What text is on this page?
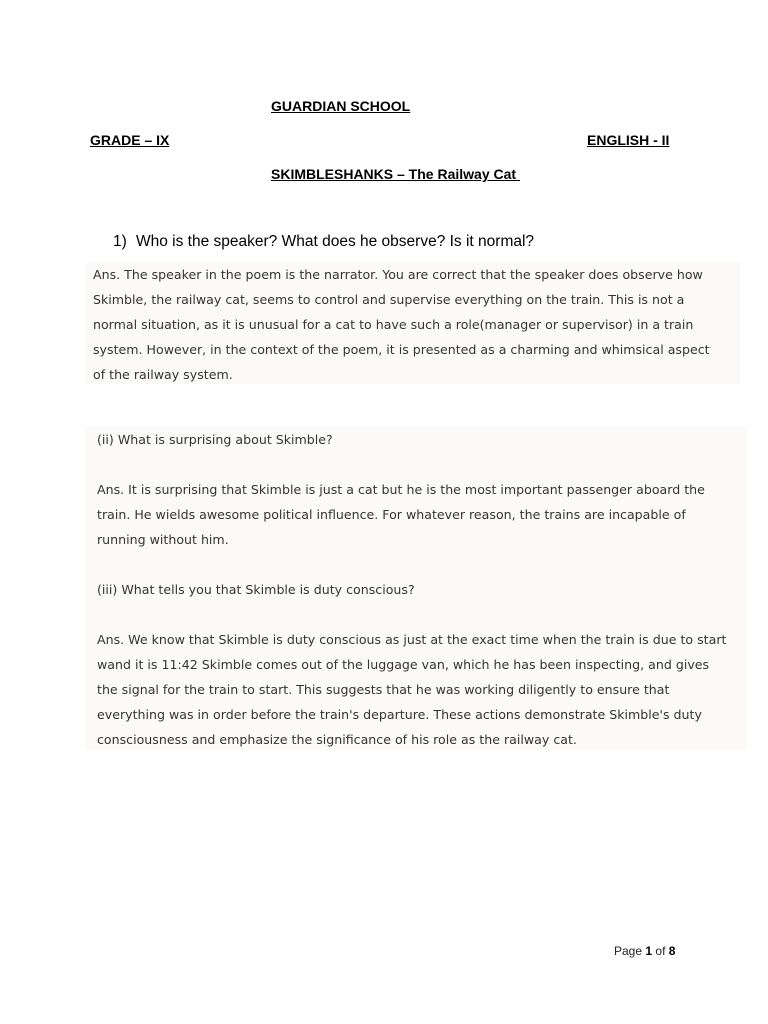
GUARDIAN SCHOOL
GRADE – IX	ENGLISH - II
SKIMBLESHANKS – The Railway Cat
1) Who is the speaker? What does he observe? Is it normal?

Ans. The speaker in the poem is the narrator. You are correct that the speaker does observe how

Skimble, the railway cat, seems to control and supervise everything on the train. This is not a

normal situation, as it is unusual for a cat to have such a role(manager or supervisor) in a train

system. However, in the context of the poem, it is presented as a charming and whimsical aspect

of the railway system.

(ii) What is surprising about Skimble?

Ans. It is surprising that Skimble is just a cat but he is the most important passenger aboard the

train. He wields awesome political influence. For whatever reason, the trains are incapable of

running without him.

(iii) What tells you that Skimble is duty conscious?

Ans. We know that Skimble is duty conscious as just at the exact time when the train is due to start

wand it is 11:42 Skimble comes out of the luggage van, which he has been inspecting, and gives

the signal for the train to start. This suggests that he was working diligently to ensure that

everything was in order before the train's departure. These actions demonstrate Skimble's duty

consciousness and emphasize the significance of his role as the railway cat.

Page 1 of 8
